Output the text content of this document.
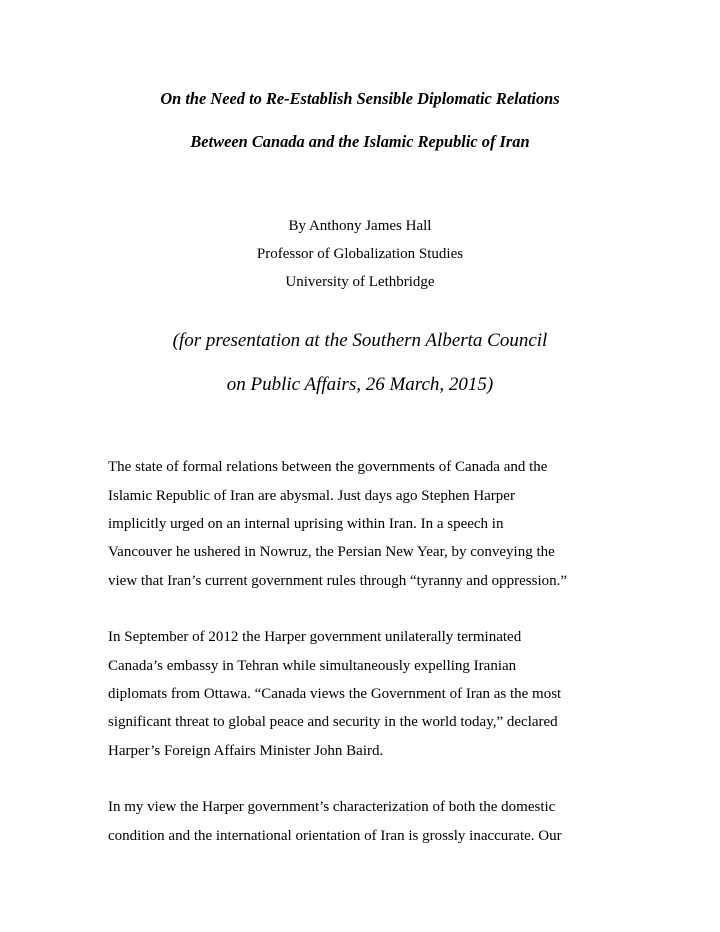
On the Need to Re-Establish Sensible Diplomatic Relations
Between Canada and the Islamic Republic of Iran
By Anthony James Hall
Professor of Globalization Studies
University of Lethbridge
(for presentation at the Southern Alberta Council
on Public Affairs, 26 March, 2015)
The state of formal relations between the governments of Canada and the
Islamic Republic of Iran are abysmal. Just days ago Stephen Harper
implicitly urged on an internal uprising within Iran. In a speech in
Vancouver he ushered in Nowruz, the Persian New Year, by conveying the
view that Iran’s current government rules through “tyranny and oppression.”
In September of 2012 the Harper government unilaterally terminated
Canada’s embassy in Tehran while simultaneously expelling Iranian
diplomats from Ottawa. “Canada views the Government of Iran as the most
significant threat to global peace and security in the world today,” declared
Harper’s Foreign Affairs Minister John Baird.
In my view the Harper government’s characterization of both the domestic
condition and the international orientation of Iran is grossly inaccurate. Our
